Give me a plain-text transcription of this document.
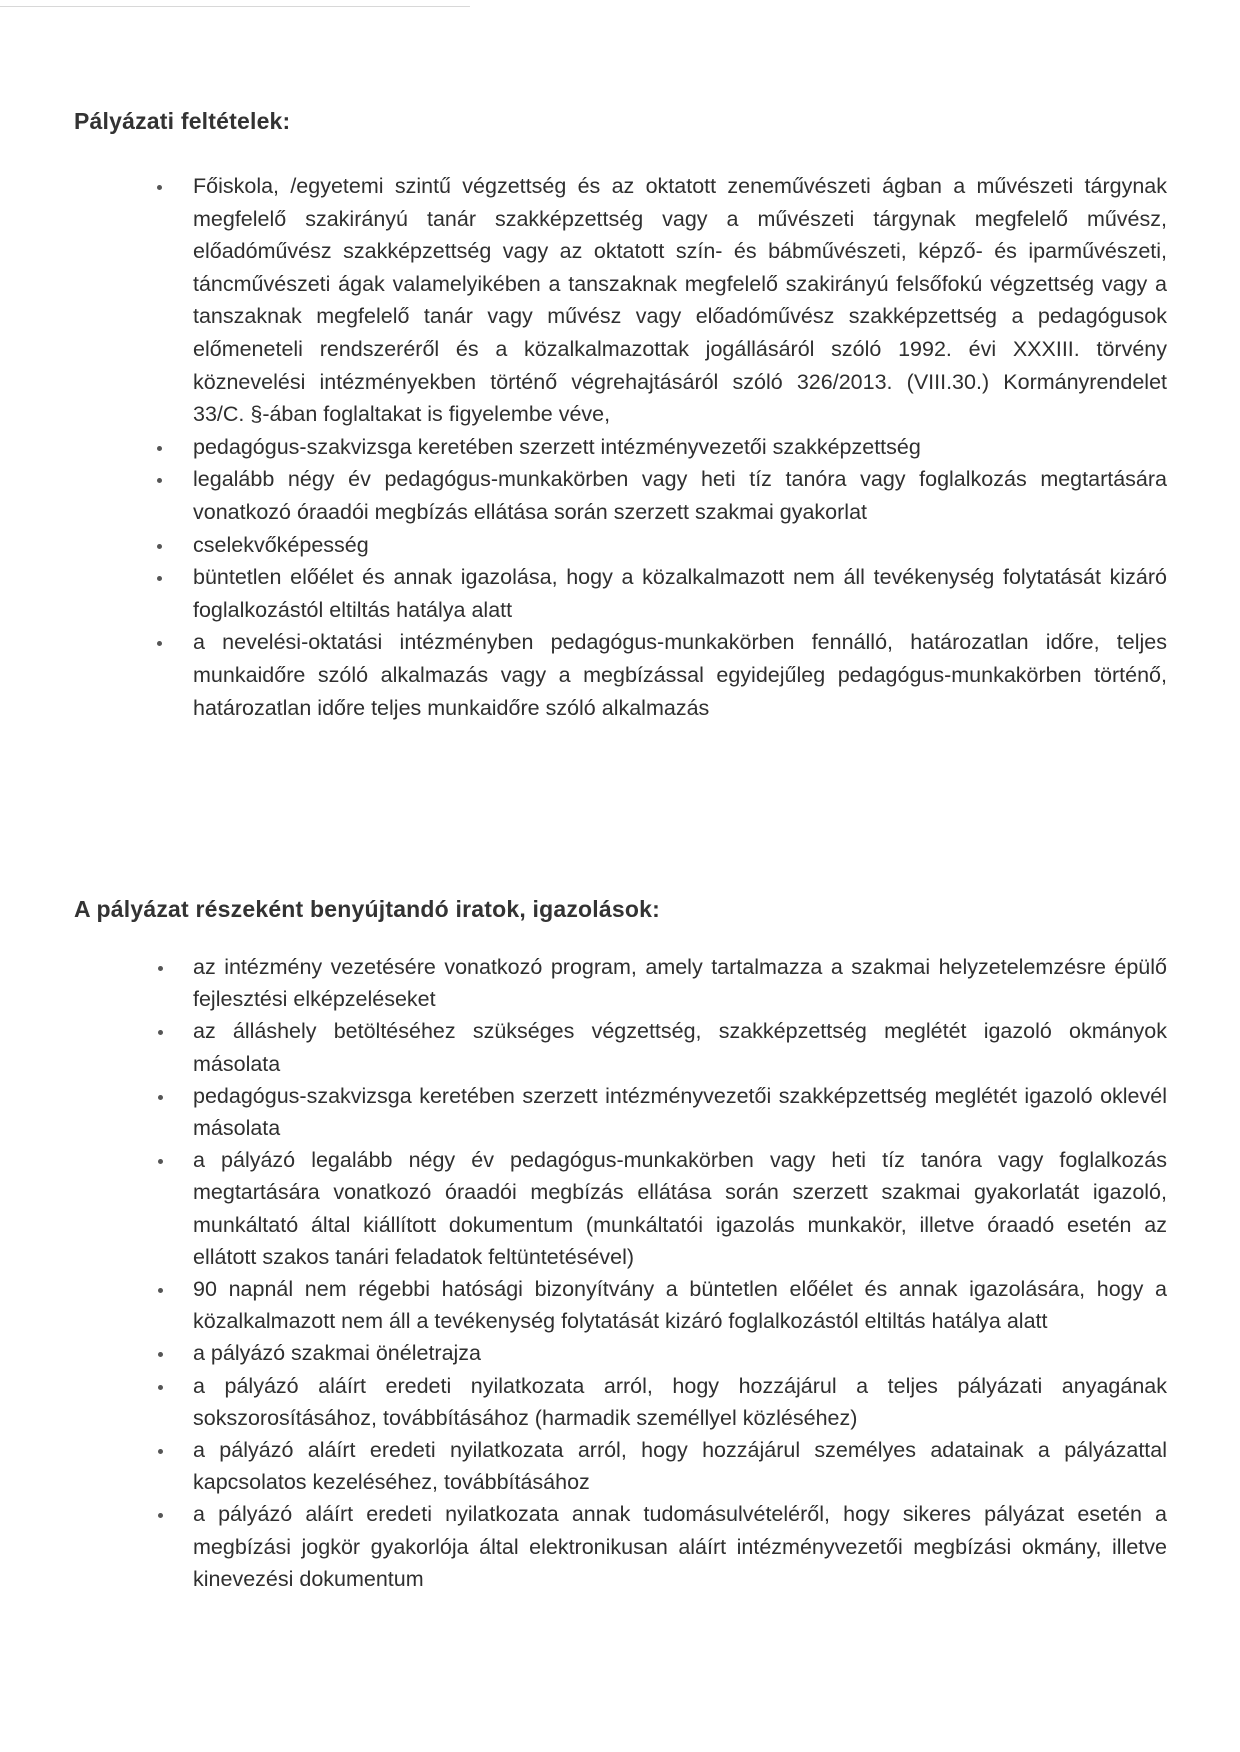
Pályázati feltételek:
Főiskola, /egyetemi szintű végzettség és az oktatott zeneművészeti ágban a művészeti tárgynak megfelelő szakirányú tanár szakképzettség vagy a művészeti tárgynak megfelelő művész, előadóművész szakképzettség vagy az oktatott szín- és bábművészeti, képző- és iparművészeti, táncművészeti ágak valamelyikében a tanszaknak megfelelő szakirányú felsőfokú végzettség vagy a tanszaknak megfelelő tanár vagy művész vagy előadóművész szakképzettség a pedagógusok előmeneteli rendszeréről és a közalkalmazottak jogállásáról szóló 1992. évi XXXIII. törvény köznevelési intézményekben történő végrehajtásáról szóló 326/2013. (VIII.30.) Kormányrendelet 33/C. §-ában foglaltakat is figyelembe véve,
pedagógus-szakvizsga keretében szerzett intézményvezetői szakképzettség
legalább négy év pedagógus-munkakörben vagy heti tíz tanóra vagy foglalkozás megtartására vonatkozó óraadói megbízás ellátása során szerzett szakmai gyakorlat
cselekvőképesség
büntetlen előélet és annak igazolása, hogy a közalkalmazott nem áll tevékenység folytatását kizáró foglalkozástól eltiltás hatálya alatt
a nevelési-oktatási intézményben pedagógus-munkakörben fennálló, határozatlan időre, teljes munkaidőre szóló alkalmazás vagy a megbízással egyidejűleg pedagógus-munkakörben történő, határozatlan időre teljes munkaidőre szóló alkalmazás
A pályázat részeként benyújtandó iratok, igazolások:
az intézmény vezetésére vonatkozó program, amely tartalmazza a szakmai helyzetelemzésre épülő fejlesztési elképzeléseket
az álláshely betöltéséhez szükséges végzettség, szakképzettség meglétét igazoló okmányok másolata
pedagógus-szakvizsga keretében szerzett intézményvezetői szakképzettség meglétét igazoló oklevél másolata
a pályázó legalább négy év pedagógus-munkakörben vagy heti tíz tanóra vagy foglalkozás megtartására vonatkozó óraadói megbízás ellátása során szerzett szakmai gyakorlatát igazoló, munkáltató által kiállított dokumentum (munkáltatói igazolás munkakör, illetve óraadó esetén az ellátott szakos tanári feladatok feltüntetésével)
90 napnál nem régebbi hatósági bizonyítvány a büntetlen előélet és annak igazolására, hogy a közalkalmazott nem áll a tevékenység folytatását kizáró foglalkozástól eltiltás hatálya alatt
a pályázó szakmai önéletrajza
a pályázó aláírt eredeti nyilatkozata arról, hogy hozzájárul a teljes pályázati anyagának sokszorosításához, továbbításához (harmadik személlyel közléséhez)
a pályázó aláírt eredeti nyilatkozata arról, hogy hozzájárul személyes adatainak a pályázattal kapcsolatos kezeléséhez, továbbításához
a pályázó aláírt eredeti nyilatkozata annak tudomásulvételéről, hogy sikeres pályázat esetén a megbízási jogkör gyakorlója által elektronikusan aláírt intézményvezetői megbízási okmány, illetve kinevezési dokumentum
